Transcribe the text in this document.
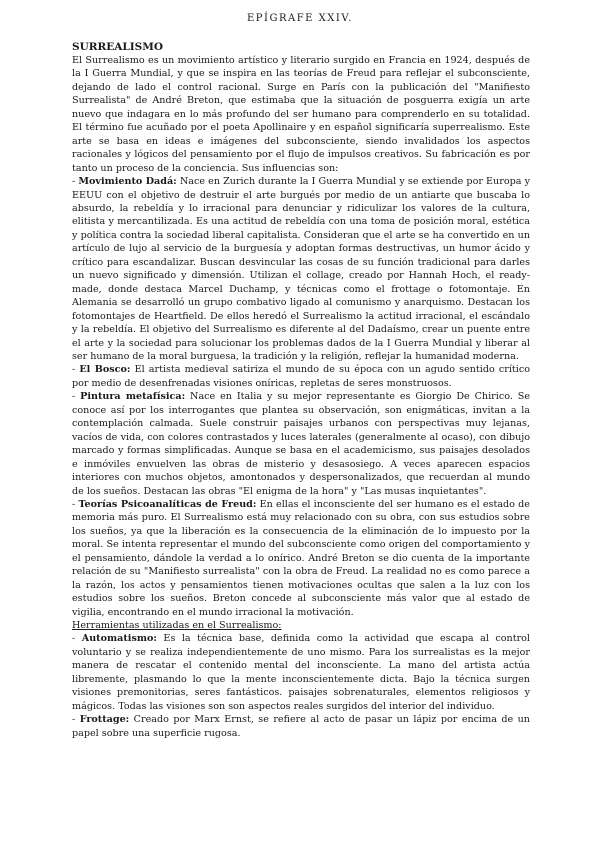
EPÍGRAFE XXIV.

SURREALISMO

El Surrealismo es un movimiento artístico y literario surgido en Francia en 1924, después de la I Guerra Mundial, y que se inspira en las teorías de Freud para reflejar el subconsciente, dejando de lado el control racional. Surge en París con la publicación del "Manifiesto Surrealista" de André Breton, que estimaba que la situación de posguerra exigía un arte nuevo que indagara en lo más profundo del ser humano para comprenderlo en su totalidad. El término fue acuñado por el poeta Apollinaire y en español significaría superrealismo. Este arte se basa en ideas e imágenes del subconsciente, siendo invalidados los aspectos racionales y lógicos del pensamiento por el flujo de impulsos creativos. Su fabricación es por tanto un proceso de la conciencia. Sus influencias son:

- Movimiento Dadá: Nace en Zurich durante la I Guerra Mundial y se extiende por Europa y EEUU con el objetivo de destruir el arte burgués por medio de un antiarte que buscaba lo absurdo, la rebeldía y lo irracional para denunciar y ridiculizar los valores de la cultura, elitista y mercantilizada. Es una actitud de rebeldía con una toma de posición moral, estética y política contra la sociedad liberal capitalista. Consideran que el arte se ha convertido en un artículo de lujo al servicio de la burguesía y adoptan formas destructivas, un humor ácido y crítico para escandalizar. Buscan desvincular las cosas de su función tradicional para darles un nuevo significado y dimensión. Utilizan el collage, creado por Hannah Hoch, el ready-made, donde destaca Marcel Duchamp, y técnicas como el frottage o fotomontaje. En Alemania se desarrolló un grupo combativo ligado al comunismo y anarquismo. Destacan los fotomontajes de Heartfield. De ellos heredó el Surrealismo la actitud irracional, el escándalo y la rebeldía. El objetivo del Surrealismo es diferente al del Dadaísmo, crear un puente entre el arte y la sociedad para solucionar los problemas dados de la I Guerra Mundial y liberar al ser humano de la moral burguesa, la tradición y la religión, reflejar la humanidad moderna.

- El Bosco: El artista medieval satiriza el mundo de su época con un agudo sentido crítico por medio de desenfrenadas visiones oníricas, repletas de seres monstruosos.

- Pintura metafísica: Nace en Italia y su mejor representante es Giorgio De Chirico. Se conoce así por los interrogantes que plantea su observación, son enigmáticas, invitan a la contemplación calmada. Suele construir paisajes urbanos con perspectivas muy lejanas, vacíos de vida, con colores contrastados y luces laterales (generalmente al ocaso), con dibujo marcado y formas simplificadas. Aunque se basa en el academicismo, sus paisajes desolados e inmóviles envuelven las obras de misterio y desasosiego. A veces aparecen espacios interiores con muchos objetos, amontonados y despersonalizados, que recuerdan al mundo de los sueños. Destacan las obras "El enigma de la hora" y "Las musas inquietantes".

- Teorías Psicoanalíticas de Freud: En ellas el inconsciente del ser humano es el estado de memoria más puro. El Surrealismo está muy relacionado con su obra, con sus estudios sobre los sueños, ya que la liberación es la consecuencia de la eliminación de lo impuesto por la moral. Se intenta representar el mundo del subconsciente como origen del comportamiento y el pensamiento, dándole la verdad a lo onírico. André Breton se dio cuenta de la importante relación de su "Manifiesto surrealista" con la obra de Freud. La realidad no es como parece a la razón, los actos y pensamientos tienen motivaciones ocultas que salen a la luz con los estudios sobre los sueños. Breton concede al subconsciente más valor que al estado de vigilia, encontrando en el mundo irracional la motivación.

Herramientas utilizadas en el Surrealismo:

- Automatismo: Es la técnica base, definida como la actividad que escapa al control voluntario y se realiza independientemente de uno mismo. Para los surrealistas es la mejor manera de rescatar el contenido mental del inconsciente. La mano del artista actúa libremente, plasmando lo que la mente inconscientemente dicta. Bajo la técnica surgen visiones premonitorias, seres fantásticos. paisajes sobrenaturales, elementos religiosos y mágicos. Todas las visiones son son aspectos reales surgidos del interior del individuo.

- Frottage: Creado por Marx Ernst, se refiere al acto de pasar un lápiz por encima de un papel sobre una superficie rugosa.
